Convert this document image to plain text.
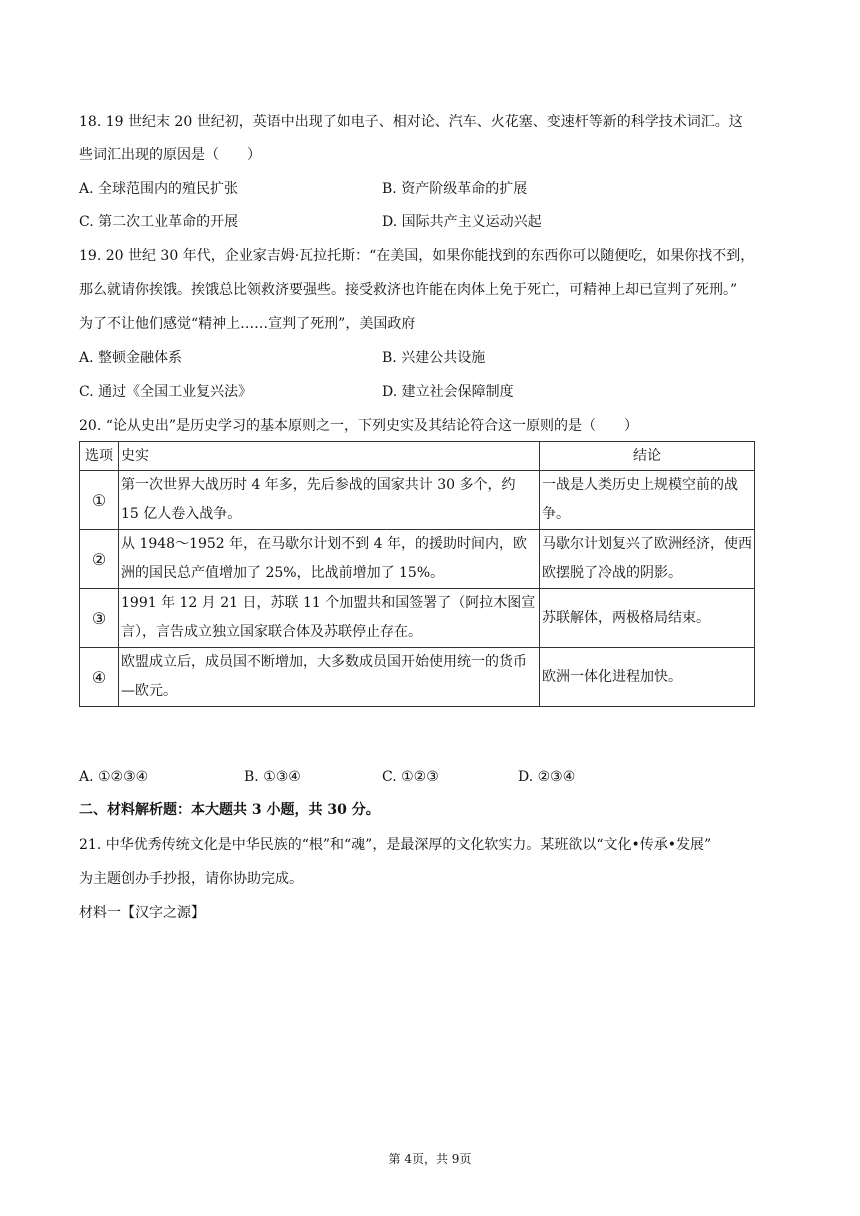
18. 19 世纪末 20 世纪初，英语中出现了如电子、相对论、汽车、火花塞、变速杆等新的科学技术词汇。这
些词汇出现的原因是（　　）
A. 全球范围内的殖民扩张	B. 资产阶级革命的扩展
C. 第二次工业革命的开展	D. 国际共产主义运动兴起
19. 20 世纪 30 年代，企业家吉姆·瓦拉托斯：“在美国，如果你能找到的东西你可以随便吃，如果你找不到，
那么就请你挨饿。挨饿总比领救济要强些。接受救济也许能在肉体上免于死亡，可精神上却已宣判了死刑。”
为了不让他们感觉“精神上……宣判了死刑”，美国政府
A. 整顿金融体系	B. 兴建公共设施
C. 通过《全国工业复兴法》	D. 建立社会保障制度
20. “论从史出”是历史学习的基本原则之一，下列史实及其结论符合这一原则的是（　　）
选项	史实	结论
①	第一次世界大战历时 4 年多，先后参战的国家共计 30 多个，约 15 亿人卷入战争。	一战是人类历史上规模空前的战争。
②	从 1948～1952 年，在马歇尔计划不到 4 年，的援助时间内，欧洲的国民总产值增加了 25%，比战前增加了 15%。	马歇尔计划复兴了欧洲经济，使西欧摆脱了冷战的阴影。
③	1991 年 12 月 21 日，苏联 11 个加盟共和国签署了（阿拉木图宣言），言告成立独立国家联合体及苏联停止存在。	苏联解体，两极格局结束。
④	欧盟成立后，成员国不断增加，大多数成员国开始使用统一的货币—欧元。	欧洲一体化进程加快。
A. ①②③④	B. ①③④	C. ①②③	D. ②③④
二、材料解析题：本大题共 3 小题，共 30 分。
21. 中华优秀传统文化是中华民族的“根”和“魂”，是最深厚的文化软实力。某班欲以“文化•传承•发展”
为主题创办手抄报，请你协助完成。
材料一【汉字之源】
第 4页，共 9页
